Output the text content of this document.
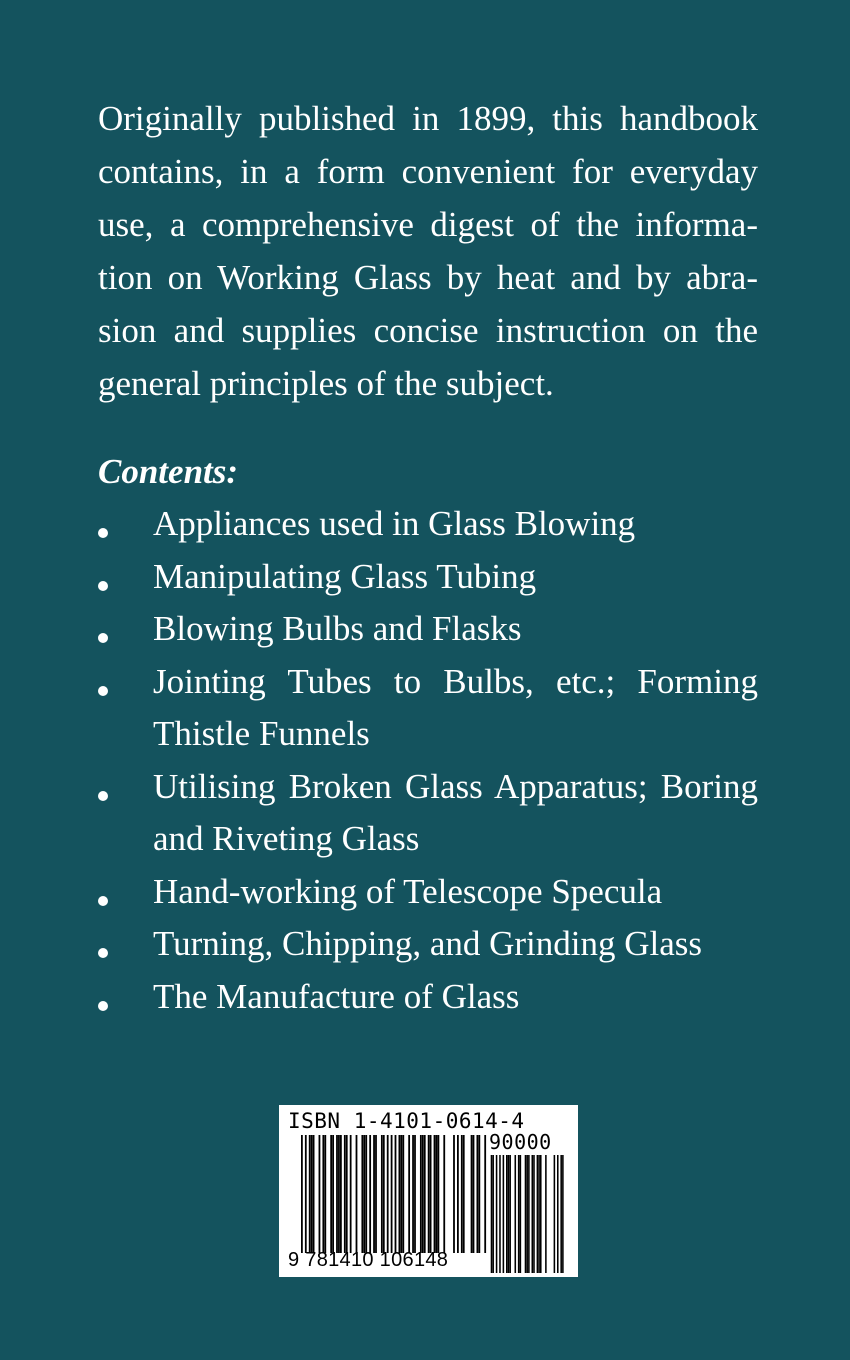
Originally published in 1899, this handbook contains, in a form convenient for everyday use, a comprehensive digest of the informa-tion on Working Glass by heat and by abra-sion and supplies concise instruction on the general principles of the subject.

Contents:

Appliances used in Glass Blowing
Manipulating Glass Tubing
Blowing Bulbs and Flasks
Jointing Tubes to Bulbs, etc.; Forming Thistle Funnels
Utilising Broken Glass Apparatus; Boring and Riveting Glass
Hand-working of Telescope Specula
Turning, Chipping, and Grinding Glass
The Manufacture of Glass
ISBN 1-4101-0614-4
90000
9 781410 106148
